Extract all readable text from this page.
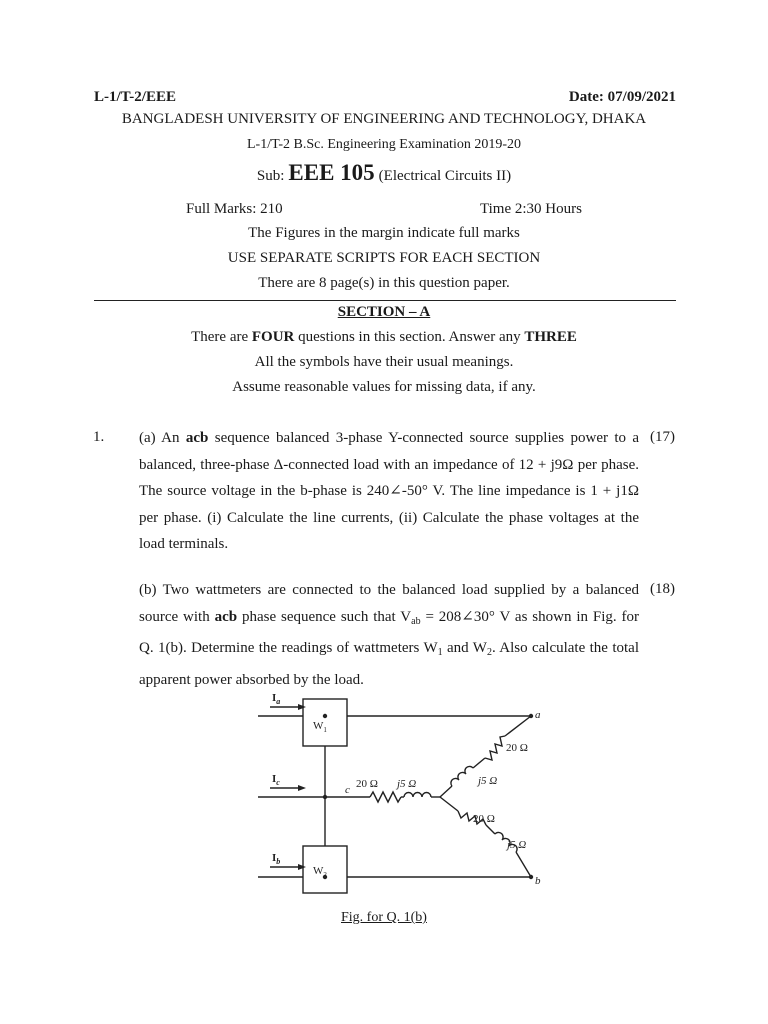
L-1/T-2/EEE	Date: 07/09/2021
BANGLADESH UNIVERSITY OF ENGINEERING AND TECHNOLOGY, DHAKA
L-1/T-2 B.Sc. Engineering Examination 2019-20
Sub: EEE 105 (Electrical Circuits II)
Full Marks: 210	Time 2:30 Hours
The Figures in the margin indicate full marks
USE SEPARATE SCRIPTS FOR EACH SECTION
There are 8 page(s) in this question paper.
SECTION – A
There are FOUR questions in this section. Answer any THREE
All the symbols have their usual meanings.
Assume reasonable values for missing data, if any.
1. (a) An acb sequence balanced 3-phase Y-connected source supplies power to a balanced, three-phase Δ-connected load with an impedance of 12 + j9Ω per phase. The source voltage in the b-phase is 240∠-50° V. The line impedance is 1 + j1Ω per phase. (i) Calculate the line currents, (ii) Calculate the phase voltages at the load terminals.
(17)
(b) Two wattmeters are connected to the balanced load supplied by a balanced source with acb phase sequence such that $V_{ab}$ = 208∠30° V as shown in Fig. for Q. 1(b). Determine the readings of wattmeters $W_1$ and $W_2$. Also calculate the total apparent power absorbed by the load.
(18)
$I_a$
$I_c$
$I_b$
$W_1$
$W_2$
a
b
c
20 Ω
20 Ω j5 Ω	j5 Ω
20 Ω
j5 Ω
Fig. for Q. 1(b)
